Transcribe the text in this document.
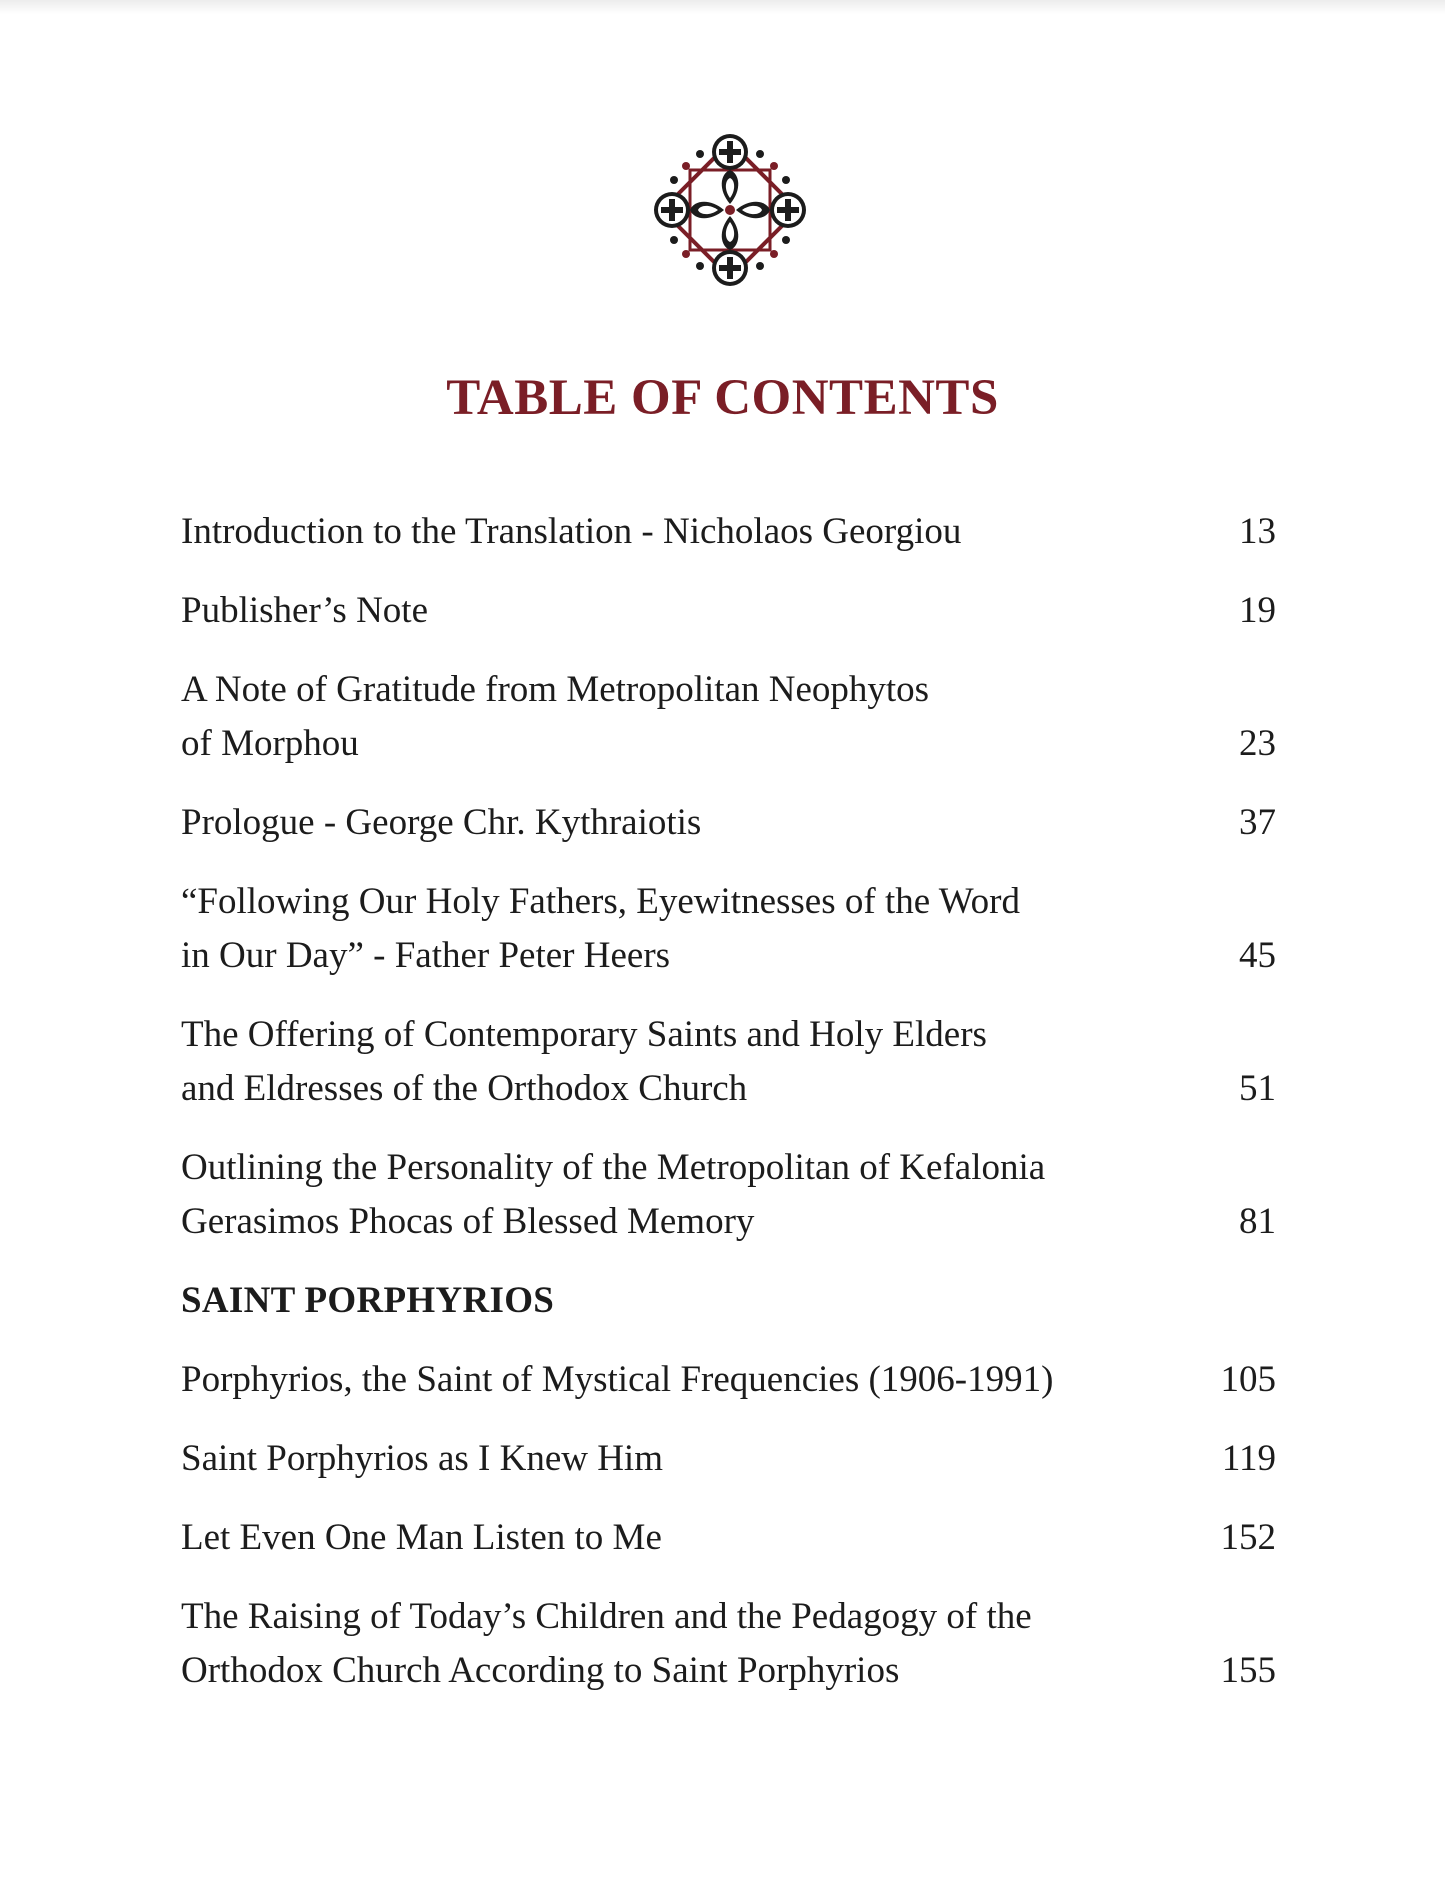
TABLE OF CONTENTS
Introduction to the Translation - Nicholaos Georgiou	13
Publisher’s Note	19
A Note of Gratitude from Metropolitan Neophytos
of Morphou	23
Prologue - George Chr. Kythraiotis	37
“Following Our Holy Fathers, Eyewitnesses of the Word
in Our Day” - Father Peter Heers	45
The Offering of Contemporary Saints and Holy Elders
and Eldresses of the Orthodox Church	51
Outlining the Personality of the Metropolitan of Kefalonia
Gerasimos Phocas of Blessed Memory	81
SAINT PORPHYRIOS
Porphyrios, the Saint of Mystical Frequencies (1906-1991)	105
Saint Porphyrios as I Knew Him	119
Let Even One Man Listen to Me	152
The Raising of Today’s Children and the Pedagogy of the
Orthodox Church According to Saint Porphyrios	155
